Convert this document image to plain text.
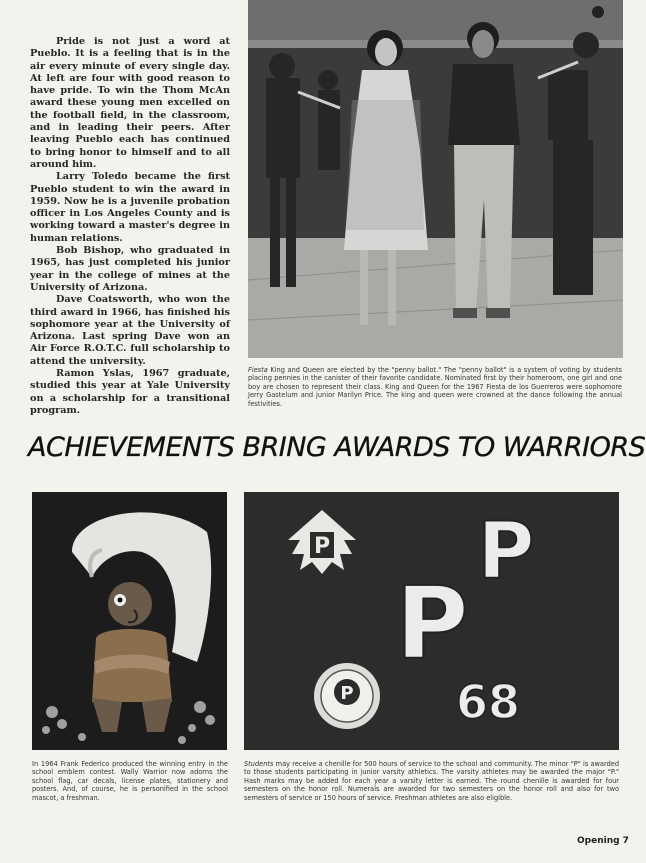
Pride is not just a word at Pueblo. It is a feeling that is in the air every minute of every single day. At left are four with good reason to have pride. To win the Thom McAn award these young men excelled on the football field, in the classroom, and in leading their peers. After leaving Pueblo each has continued to bring honor to himself and to all around him.

Larry Toledo became the first Pueblo student to win the award in 1959. Now he is a juvenile probation officer in Los Angeles County and is working toward a master's degree in human relations.

Bob Bishop, who graduated in 1965, has just completed his junior year in the college of mines at the University of Arizona.

Dave Coatsworth, who won the third award in 1966, has finished his sophomore year at the University of Arizona. Last spring Dave won an Air Force R.O.T.C. full scholarship to attend the university.

Ramon Yslas, 1967 graduate, studied this year at Yale University on a scholarship for a transitional program.

Fiesta King and Queen are elected by the "penny ballot." The "penny ballot" is a system of voting by students placing pennies in the canister of their favorite candidate. Nominated first by their homeroom, one girl and one boy are chosen to represent their class. King and Queen for the 1967 Fiesta de los Guerreros were sophomore Jerry Gastelum and junior Marilyn Price. The king and queen were crowned at the dance following the annual festivities.
ACHIEVEMENTS BRING AWARDS TO WARRIORS
P P
P
P 68
In 1964 Frank Federico produced the winning entry in the school emblem contest. Wally Warrior now adorns the school flag, car decals, license plates, stationery and posters. And, of course, he is personified in the school mascot, a freshman.
Students may receive a chenille for 500 hours of service to the school and community. The minor "P" is awarded to those students participating in junior varsity athletics. The varsity athletes may be awarded the major "P." Hash marks may be added for each year a varsity letter is earned. The round chenille is awarded for four semesters on the honor roll. Numerals are awarded for two semesters on the honor roll and also for two semesters of service or 150 hours of service. Freshman athletes are also eligible.
Opening 7
